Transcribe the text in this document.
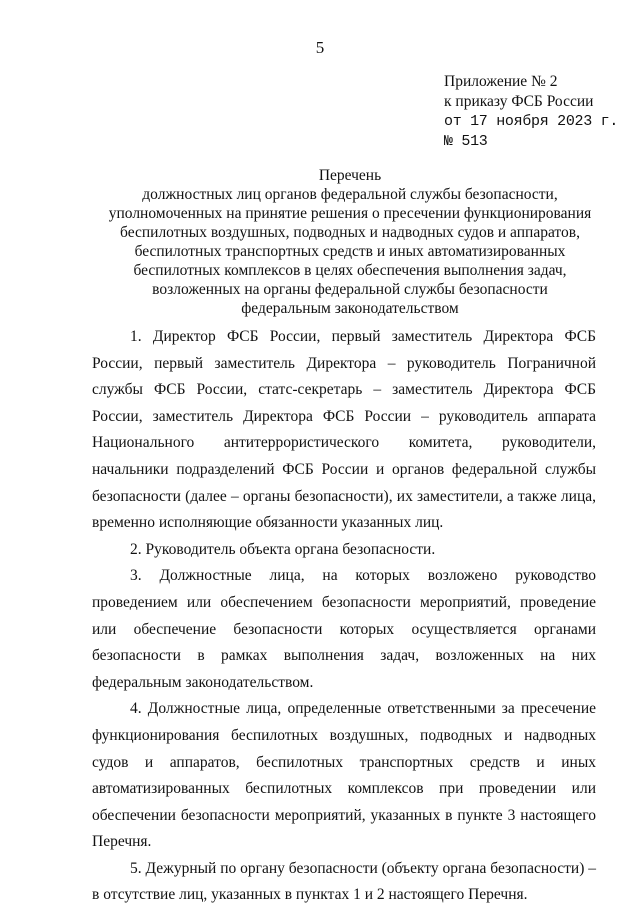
5
Приложение № 2
к приказу ФСБ России
от 17 ноября 2023 г.
№ 513
Перечень
должностных лиц органов федеральной службы безопасности,
уполномоченных на принятие решения о пресечении функционирования
беспилотных воздушных, подводных и надводных судов и аппаратов,
беспилотных транспортных средств и иных автоматизированных
беспилотных комплексов в целях обеспечения выполнения задач,
возложенных на органы федеральной службы безопасности
федеральным законодательством

1. Директор ФСБ России, первый заместитель Директора ФСБ России, первый заместитель Директора – руководитель Пограничной службы ФСБ России, статс-секретарь – заместитель Директора ФСБ России, заместитель Директора ФСБ России – руководитель аппарата Национального антитеррористического комитета, руководители, начальники подразделений ФСБ России и органов федеральной службы безопасности (далее – органы безопасности), их заместители, а также лица, временно исполняющие обязанности указанных лиц.

2. Руководитель объекта органа безопасности.

3. Должностные лица, на которых возложено руководство проведением или обеспечением безопасности мероприятий, проведение или обеспечение безопасности которых осуществляется органами безопасности в рамках выполнения задач, возложенных на них федеральным законодательством.

4. Должностные лица, определенные ответственными за пресечение функционирования беспилотных воздушных, подводных и надводных судов и аппаратов, беспилотных транспортных средств и иных автоматизированных беспилотных комплексов при проведении или обеспечении безопасности мероприятий, указанных в пункте 3 настоящего Перечня.

5. Дежурный по органу безопасности (объекту органа безопасности) – в отсутствие лиц, указанных в пунктах 1 и 2 настоящего Перечня.
